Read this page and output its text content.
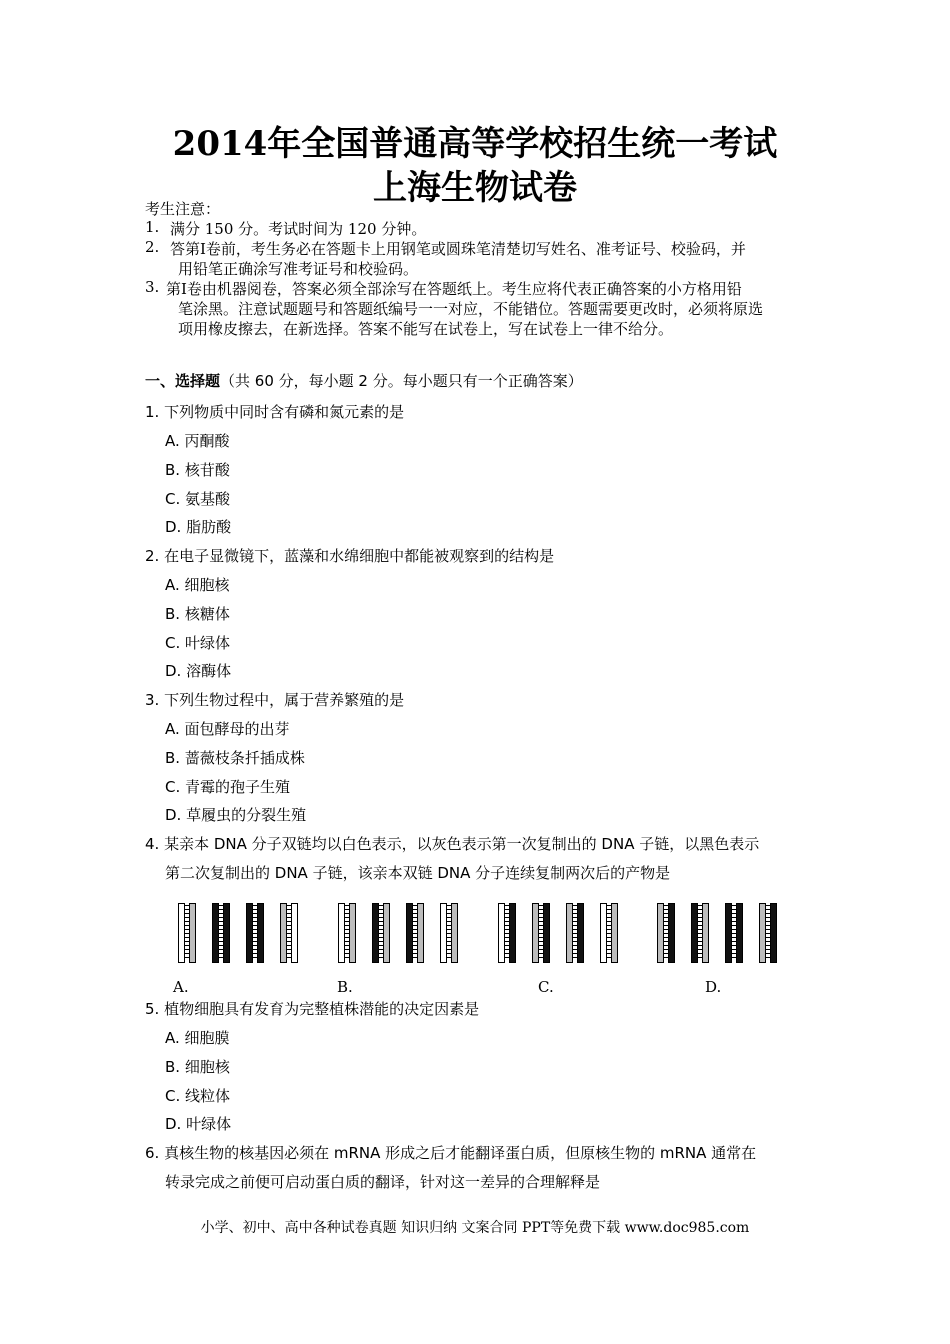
2014年全国普通高等学校招生统一考试
上海生物试卷
考生注意：
1. 满分 150 分。考试时间为 120 分钟。
2. 答第Ⅰ卷前，考生务必在答题卡上用钢笔或圆珠笔清楚切写姓名、准考证号、校验码，并
用铅笔正确涂写准考证号和校验码。
3. 第Ⅰ卷由机器阅卷，答案必须全部涂写在答题纸上。考生应将代表正确答案的小方格用铅
笔涂黑。注意试题题号和答题纸编号一一对应，不能错位。答题需要更改时，必须将原选
项用橡皮擦去，在新选择。答案不能写在试卷上，写在试卷上一律不给分。
一、选择题（共 60 分，每小题 2 分。每小题只有一个正确答案）
1. 下列物质中同时含有磷和氮元素的是
A. 丙酮酸
B. 核苷酸
C. 氨基酸
D. 脂肪酸
2. 在电子显微镜下，蓝藻和水绵细胞中都能被观察到的结构是
A. 细胞核
B. 核糖体
C. 叶绿体
D. 溶酶体
3. 下列生物过程中，属于营养繁殖的是
A. 面包酵母的出芽
B. 蔷薇枝条扦插成株
C. 青霉的孢子生殖
D. 草履虫的分裂生殖
4. 某亲本 DNA 分子双链均以白色表示，以灰色表示第一次复制出的 DNA 子链，以黑色表示
第二次复制出的 DNA 子链，该亲本双链 DNA 分子连续复制两次后的产物是
A.	B.	C.	D.
5. 植物细胞具有发育为完整植株潜能的决定因素是
A. 细胞膜
B. 细胞核
C. 线粒体
D. 叶绿体
6. 真核生物的核基因必须在 mRNA 形成之后才能翻译蛋白质，但原核生物的 mRNA 通常在
转录完成之前便可启动蛋白质的翻译，针对这一差异的合理解释是
小学、初中、高中各种试卷真题 知识归纳 文案合同 PPT等免费下载 www.doc985.com
